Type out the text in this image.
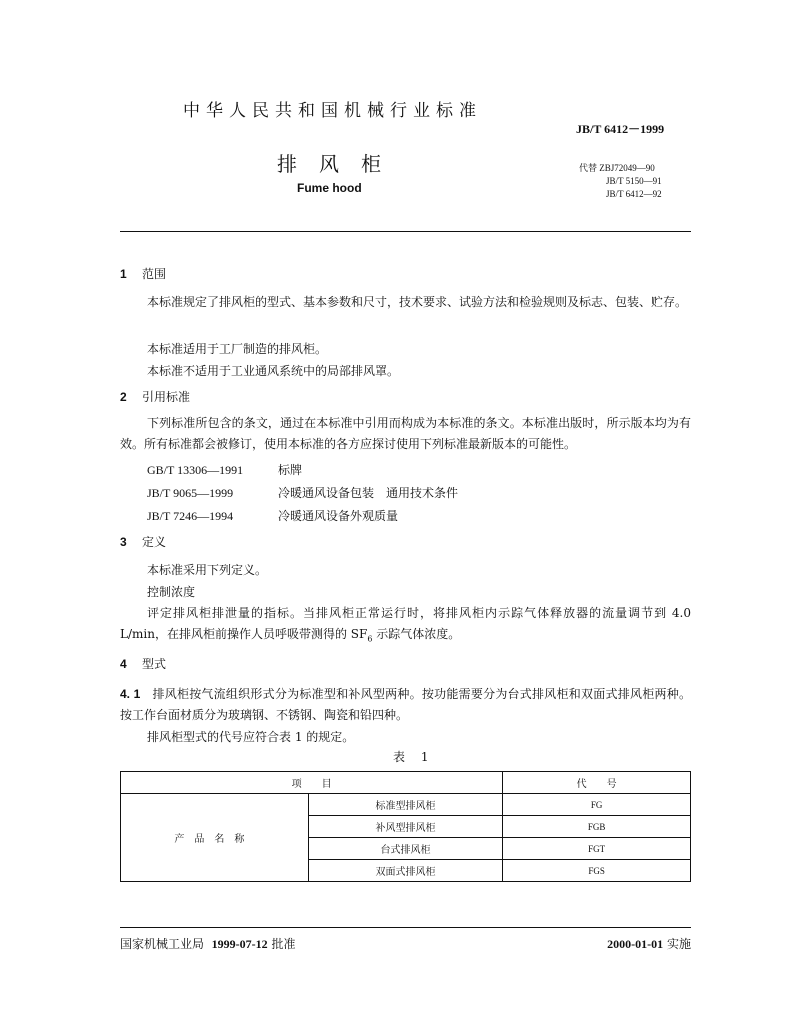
中华人民共和国机械行业标准
JB/T 6412－1999
排风柜
Fume hood
代替 ZBJ72049—90
JB/T 5150—91
JB/T 6412—92
1 范围
本标准规定了排风柜的型式、基本参数和尺寸，技术要求、试验方法和检验规则及标志、包装、贮存。
本标准适用于工厂制造的排风柜。
本标准不适用于工业通风系统中的局部排风罩。
2 引用标准
下列标准所包含的条文，通过在本标准中引用而构成为本标准的条文。本标准出版时，所示版本均为有效。所有标准都会被修订，使用本标准的各方应探讨使用下列标准最新版本的可能性。
GB/T 13306—1991	标牌
JB/T 9065—1999	冷暖通风设备包装　通用技术条件
JB/T 7246—1994	冷暖通风设备外观质量
3 定义
本标准采用下列定义。
控制浓度
评定排风柜排泄量的指标。当排风柜正常运行时，将排风柜内示踪气体释放器的流量调节到 4.0 L/min，在排风柜前操作人员呼吸带测得的 $SF_6$ 示踪气体浓度。
4 型式
4. 1 排风柜按气流组织形式分为标准型和补风型两种。按功能需要分为台式排风柜和双面式排风柜两种。按工作台面材质分为玻璃钢、不锈钢、陶瓷和铅四种。
排风柜型式的代号应符合表 1 的规定。
表 1
项　　目		代　　号
产品名称	标准型排风柜	FG
	补风型排风柜	FGB
	台式排风柜	FGT
	双面式排风柜	FGS
国家机械工业局 1999-07-12 批准	2000-01-01 实施
